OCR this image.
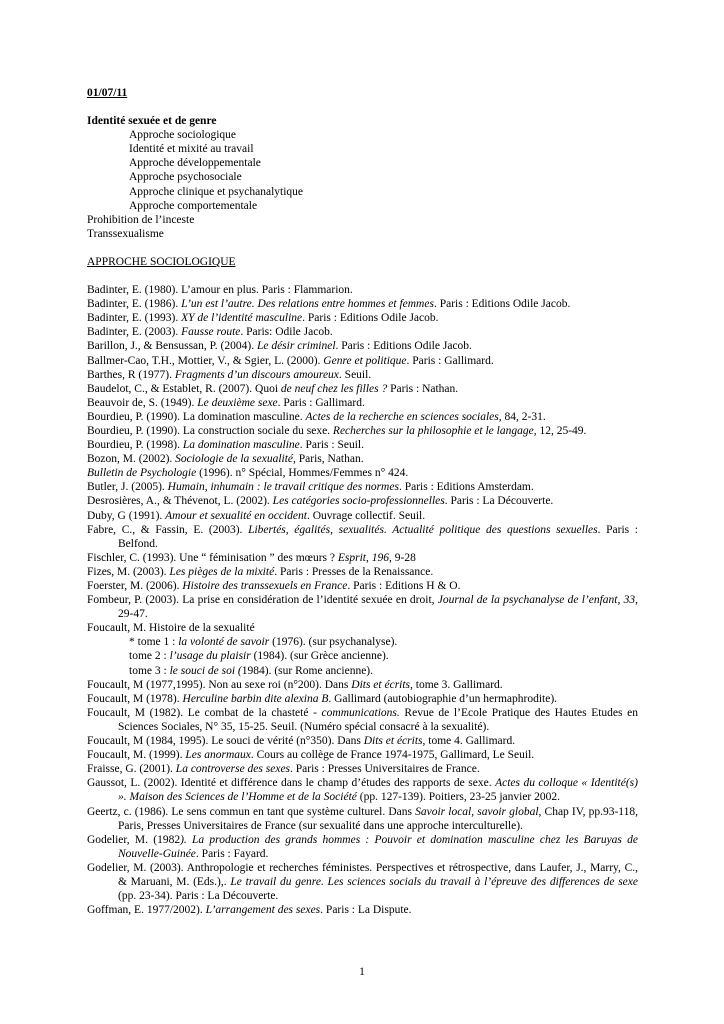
01/07/11
Identité sexuée et de genre
Approche sociologique
Identité et mixité au travail
Approche développementale
Approche psychosociale
Approche clinique et psychanalytique
Approche comportementale
Prohibition de l’inceste
Transsexualisme
APPROCHE SOCIOLOGIQUE
Badinter, E. (1980). L’amour en plus. Paris : Flammarion.
Badinter, E. (1986). L’un est l’autre. Des relations entre hommes et femmes. Paris : Editions Odile Jacob.
Badinter, E. (1993). XY de l’identité masculine. Paris : Editions Odile Jacob.
Badinter, E. (2003). Fausse route. Paris: Odile Jacob.
Barillon, J., & Bensussan, P. (2004). Le désir criminel. Paris : Editions Odile Jacob.
Ballmer-Cao, T.H., Mottier, V., & Sgier, L. (2000). Genre et politique. Paris : Gallimard.
Barthes, R (1977). Fragments d’un discours amoureux. Seuil.
Baudelot, C., & Establet, R. (2007). Quoi de neuf chez les filles ? Paris : Nathan.
Beauvoir de, S. (1949). Le deuxième sexe. Paris : Gallimard.
Bourdieu, P. (1990). La domination masculine. Actes de la recherche en sciences sociales, 84, 2-31.
Bourdieu, P. (1990). La construction sociale du sexe. Recherches sur la philosophie et le langage, 12, 25-49.
Bourdieu, P. (1998). La domination masculine. Paris : Seuil.
Bozon, M. (2002). Sociologie de la sexualité, Paris, Nathan.
Bulletin de Psychologie (1996). n° Spécial, Hommes/Femmes n° 424.
Butler, J. (2005). Humain, inhumain : le travail critique des normes. Paris : Editions Amsterdam.
Desrosières, A., & Thévenot, L. (2002). Les catégories socio-professionnelles. Paris : La Découverte.
Duby, G (1991). Amour et sexualité en occident. Ouvrage collectif. Seuil.
Fabre, C., & Fassin, E. (2003). Libertés, égalités, sexualités. Actualité politique des questions sexuelles. Paris : Belfond.
Fischler, C. (1993). Une “ féminisation ” des mœurs ? Esprit, 196, 9-28
Fizes, M. (2003). Les pièges de la mixité. Paris : Presses de la Renaissance.
Foerster, M. (2006). Histoire des transsexuels en France. Paris : Editions H & O.
Fombeur, P. (2003). La prise en considération de l’identité sexuée en droit, Journal de la psychanalyse de l’enfant, 33, 29-47.
Foucault, M. Histoire de la sexualité
* tome 1 : la volonté de savoir (1976). (sur psychanalyse).
tome 2 : l’usage du plaisir (1984). (sur Grèce ancienne).
tome 3 : le souci de soi (1984). (sur Rome ancienne).
Foucault, M (1977,1995). Non au sexe roi (n°200). Dans Dits et écrits, tome 3. Gallimard.
Foucault, M (1978). Herculine barbin dite alexina B. Gallimard (autobiographie d’un hermaphrodite).
Foucault, M (1982). Le combat de la chasteté - communications. Revue de l’Ecole Pratique des Hautes Etudes en Sciences Sociales, N° 35, 15-25. Seuil. (Numéro spécial consacré à la sexualité).
Foucault, M (1984, 1995). Le souci de vérité (n°350). Dans Dits et écrits, tome 4. Gallimard.
Foucault, M. (1999). Les anormaux. Cours au collège de France 1974-1975, Gallimard, Le Seuil.
Fraisse, G. (2001). La controverse des sexes. Paris : Presses Universitaires de France.
Gaussot, L. (2002). Identité et différence dans le champ d’études des rapports de sexe. Actes du colloque « Identité(s) ». Maison des Sciences de l’Homme et de la Société (pp. 127-139). Poitiers, 23-25 janvier 2002.
Geertz, c. (1986). Le sens commun en tant que système culturel. Dans Savoir local, savoir global, Chap IV, pp.93-118, Paris, Presses Universitaires de France (sur sexualité dans une approche interculturelle).
Godelier, M. (1982). La production des grands hommes : Pouvoir et domination masculine chez les Baruyas de Nouvelle-Guinée. Paris : Fayard.
Godelier, M. (2003). Anthropologie et recherches féministes. Perspectives et rétrospective, dans Laufer, J., Marry, C., & Maruani, M. (Eds.),. Le travail du genre. Les sciences socials du travail à l’épreuve des differences de sexe (pp. 23-34). Paris : La Découverte.
Goffman, E. 1977/2002). L’arrangement des sexes. Paris : La Dispute.
1
